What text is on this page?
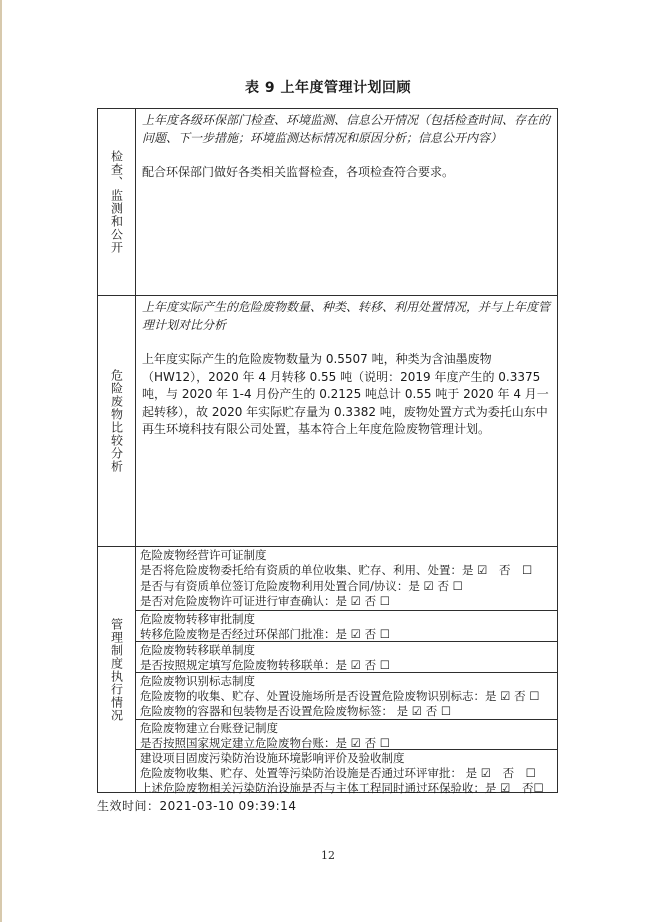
表 9 上年度管理计划回顾
检查、监测和公开
上年度各级环保部门检查、环境监测、信息公开情况（包括检查时间、存在的问题、下一步措施；环境监测达标情况和原因分析；信息公开内容）
配合环保部门做好各类相关监督检查，各项检查符合要求。
危险废物比较分析
上年度实际产生的危险废物数量、种类、转移、利用处置情况，并与上年度管理计划对比分析
上年度实际产生的危险废物数量为 0.5507 吨，种类为含油墨废物（HW12），2020 年 4 月转移 0.55 吨（说明：2019 年度产生的 0.3375 吨，与 2020 年 1-4 月份产生的 0.2125 吨总计 0.55 吨于 2020 年 4 月一起转移），故 2020 年实际贮存量为 0.3382 吨，废物处置方式为委托山东中再生环境科技有限公司处置，基本符合上年度危险废物管理计划。
管理制度执行情况
危险废物经营许可证制度
是否将危险废物委托给有资质的单位收集、贮存、利用、处置：是 ☑　否　☐
是否与有资质单位签订危险废物利用处置合同/协议：是 ☑ 否 ☐
是否对危险废物许可证进行审查确认：是 ☑ 否 ☐
危险废物转移审批制度
转移危险废物是否经过环保部门批准：是 ☑ 否 ☐
危险废物转移联单制度
是否按照规定填写危险废物转移联单：是 ☑ 否 ☐
危险废物识别标志制度
危险废物的收集、贮存、处置设施场所是否设置危险废物识别标志：是 ☑ 否 ☐
危险废物的容器和包装物是否设置危险废物标签： 是 ☑ 否 ☐
危险废物建立台账登记制度
是否按照国家规定建立危险废物台账：是 ☑ 否 ☐
建设项目固废污染防治设施环境影响评价及验收制度
危险废物收集、贮存、处置等污染防治设施是否通过环评审批： 是 ☑　否　☐
上述危险废物相关污染防治设施是否与主体工程同时通过环保验收：是 ☑　否☐
生效时间：2021-03-10 09:39:14
12
